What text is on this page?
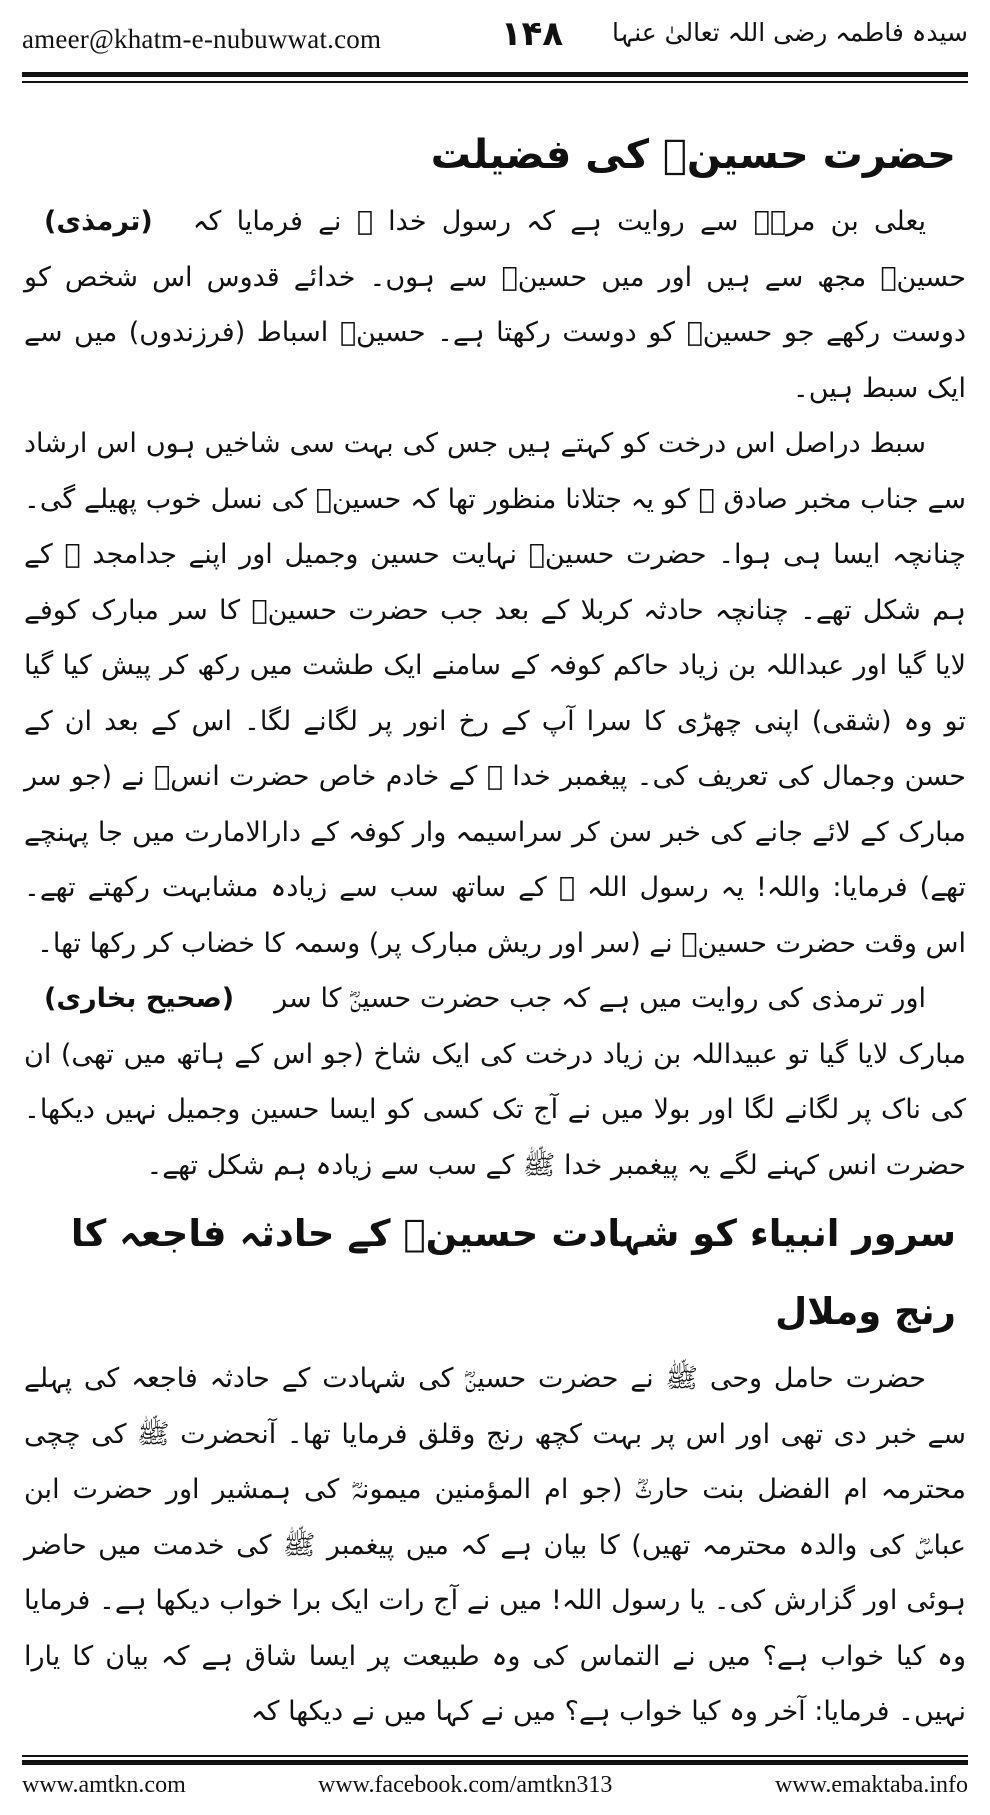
ameer@khatm-e-nubuwwat.com	۱۴۸	سیدہ فاطمہ رضی اللہ تعالیٰ عنہا
حضرت حسینؓ کی فضیلت

(ترمذی)	یعلی بن مرہؓ سے روایت ہے کہ رسول خدا ﷺ نے فرمایا کہ حسینؓ مجھ سے ہیں اور میں حسینؓ سے ہوں۔ خدائے قدوس اس شخص کو دوست رکھے جو حسینؓ کو دوست رکھتا ہے۔ حسینؓ اسباط (فرزندوں) میں سے ایک سبط ہیں۔

سبط دراصل اس درخت کو کہتے ہیں جس کی بہت سی شاخیں ہوں اس ارشاد سے جناب مخبر صادق ﷺ کو یہ جتلانا منظور تھا کہ حسینؓ کی نسل خوب پھیلے گی۔ چنانچہ ایسا ہی ہوا۔ حضرت حسینؓ نہایت حسین وجمیل اور اپنے جدامجد ﷺ کے ہم شکل تھے۔ چنانچہ حادثہ کربلا کے بعد جب حضرت حسینؓ کا سر مبارک کوفے لایا گیا اور عبداللہ بن زیاد حاکم کوفہ کے سامنے ایک طشت میں رکھ کر پیش کیا گیا تو وہ (شقی) اپنی چھڑی کا سرا آپ کے رخ انور پر لگانے لگا۔ اس کے بعد ان کے حسن وجمال کی تعریف کی۔ پیغمبر خدا ﷺ کے خادم خاص حضرت انسؓ نے (جو سر مبارک کے لائے جانے کی خبر سن کر سراسیمہ وار کوفہ کے دارالامارت میں جا پہنچے تھے) فرمایا: واللہ! یہ رسول اللہ ﷺ کے ساتھ سب سے زیادہ مشابہت رکھتے تھے۔ اس وقت حضرت حسینؓ نے (سر اور ریش مبارک پر) وسمہ کا خضاب کر رکھا تھا۔
(صحیح بخاری)	اور ترمذی کی روایت میں ہے کہ جب حضرت حسینؓ کا سر مبارک لایا گیا تو عبیداللہ بن زیاد درخت کی ایک شاخ (جو اس کے ہاتھ میں تھی) ان کی ناک پر لگانے لگا اور بولا میں نے آج تک کسی کو ایسا حسین وجمیل نہیں دیکھا۔ حضرت انس کہنے لگے یہ پیغمبر خدا ﷺ کے سب سے زیادہ ہم شکل تھے۔

سرور انبیاء کو شہادت حسینؓ کے حادثہ فاجعہ کا رنج وملال

حضرت حامل وحی ﷺ نے حضرت حسینؓ کی شہادت کے حادثہ فاجعہ کی پہلے سے خبر دی تھی اور اس پر بہت کچھ رنج وقلق فرمایا تھا۔ آنحضرت ﷺ کی چچی محترمہ ام الفضل بنت حارثؓ (جو ام المؤمنین میمونہؓ کی ہمشیر اور حضرت ابن عباسؓ کی والدہ محترمہ تھیں) کا بیان ہے کہ میں پیغمبر ﷺ کی خدمت میں حاضر ہوئی اور گزارش کی۔ یا رسول اللہ! میں نے آج رات ایک برا خواب دیکھا ہے۔ فرمایا وہ کیا خواب ہے؟ میں نے التماس کی وہ طبیعت پر ایسا شاق ہے کہ بیان کا یارا نہیں۔ فرمایا: آخر وہ کیا خواب ہے؟ میں نے کہا میں نے دیکھا کہ

www.amtkn.com	www.facebook.com/amtkn313	www.emaktaba.info
